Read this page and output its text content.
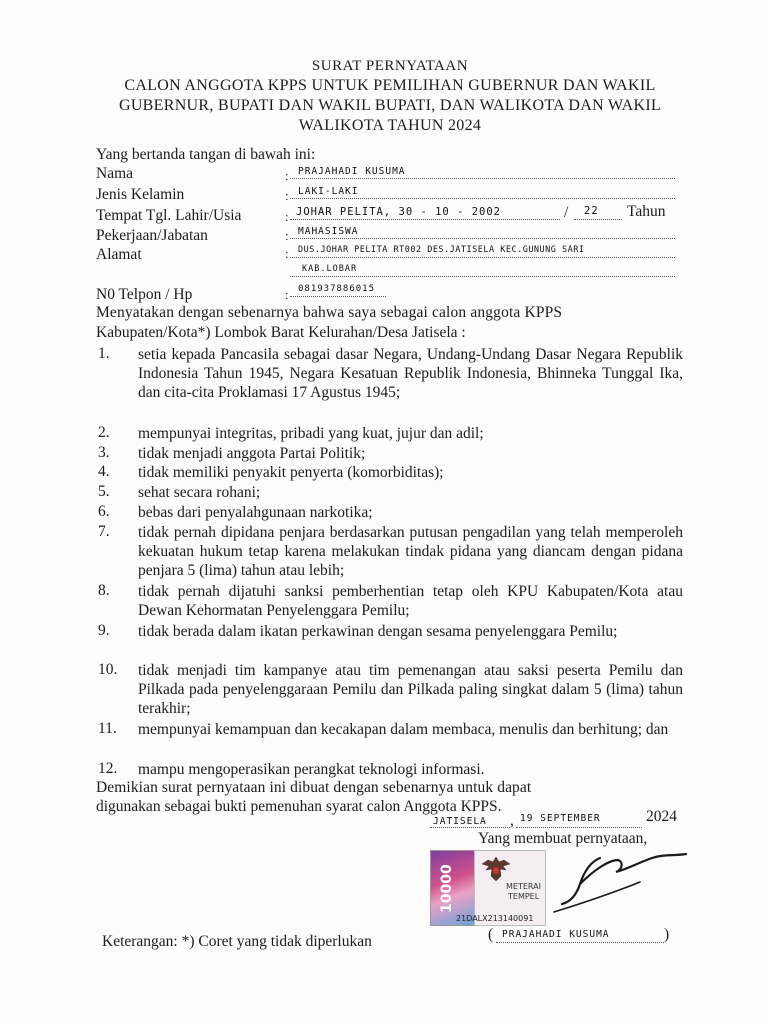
SURAT PERNYATAAN
CALON ANGGOTA KPPS UNTUK PEMILIHAN GUBERNUR DAN WAKIL
GUBERNUR, BUPATI DAN WAKIL BUPATI, DAN WALIKOTA DAN WAKIL
WALIKOTA TAHUN 2024
Yang bertanda tangan di bawah ini:
Nama	: PRAJAHADI KUSUMA
Jenis Kelamin	: LAKI-LAKI
Tempat Tgl. Lahir/Usia	: JOHAR PELITA, 30 - 10 - 2002	/ 22 Tahun
Pekerjaan/Jabatan	: MAHASISWA
Alamat	: DUS.JOHAR PELITA RT002 DES.JATISELA KEC.GUNUNG SARI
KAB.LOBAR
N0 Telpon / Hp	: 081937886015
Menyatakan dengan sebenarnya bahwa saya sebagai calon anggota KPPS
Kabupaten/Kota*) Lombok Barat Kelurahan/Desa Jatisela :
1. setia kepada Pancasila sebagai dasar Negara, Undang-Undang Dasar Negara Republik Indonesia Tahun 1945, Negara Kesatuan Republik Indonesia, Bhinneka Tunggal Ika, dan cita-cita Proklamasi 17 Agustus 1945;
2. mempunyai integritas, pribadi yang kuat, jujur dan adil;
3. tidak menjadi anggota Partai Politik;
4. tidak memiliki penyakit penyerta (komorbiditas);
5. sehat secara rohani;
6. bebas dari penyalahgunaan narkotika;
7. tidak pernah dipidana penjara berdasarkan putusan pengadilan yang telah memperoleh kekuatan hukum tetap karena melakukan tindak pidana yang diancam dengan pidana penjara 5 (lima) tahun atau lebih;
8. tidak pernah dijatuhi sanksi pemberhentian tetap oleh KPU Kabupaten/Kota atau Dewan Kehormatan Penyelenggara Pemilu;
9. tidak berada dalam ikatan perkawinan dengan sesama penyelenggara Pemilu;
10. tidak menjadi tim kampanye atau tim pemenangan atau saksi peserta Pemilu dan Pilkada pada penyelenggaraan Pemilu dan Pilkada paling singkat dalam 5 (lima) tahun terakhir;
11. mempunyai kemampuan dan kecakapan dalam membaca, menulis dan berhitung; dan
12. mampu mengoperasikan perangkat teknologi informasi.
Demikian surat pernyataan ini dibuat dengan sebenarnya untuk dapat
digunakan sebagai bukti pemenuhan syarat calon Anggota KPPS.
JATISELA , 19 SEPTEMBER	2024
Yang membuat pernyataan,
10000	METERAI
TEMPEL
21DALX213140091
( PRAJAHADI KUSUMA	)
Keterangan: *) Coret yang tidak diperlukan
